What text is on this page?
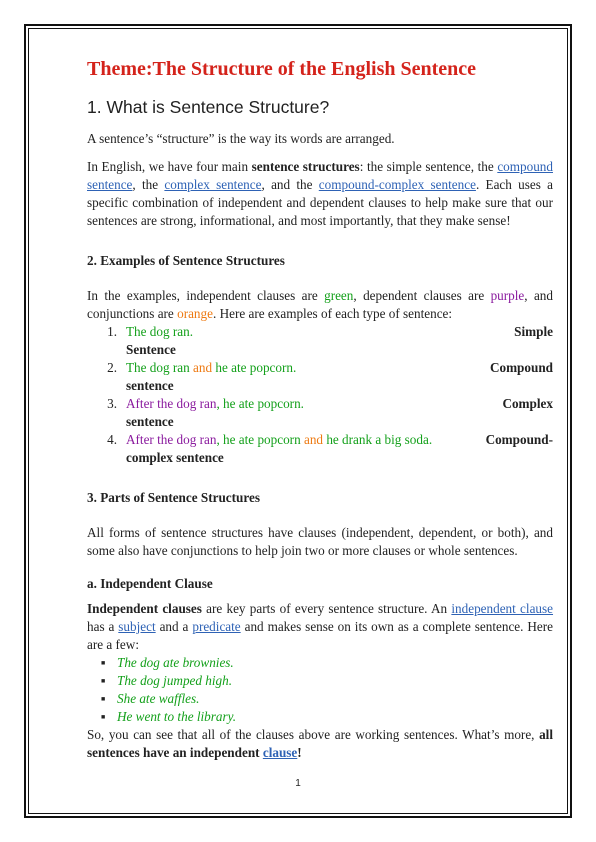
Theme:The Structure of the English Sentence
1. What is Sentence Structure?

A sentence’s “structure” is the way its words are arranged.

In English, we have four main sentence structures: the simple sentence, the compound sentence, the complex sentence, and the compound-complex sentence. Each uses a specific combination of independent and dependent clauses to help make sure that our sentences are strong, informational, and most importantly, that they make sense!

2. Examples of Sentence Structures

In the examples, independent clauses are green, dependent clauses are purple, and conjunctions are orange. Here are examples of each type of sentence:

1. The dog ran.	Simple
Sentence
2. The dog ran and he ate popcorn.	Compound
sentence
3. After the dog ran, he ate popcorn.	Complex
sentence
4. After the dog ran, he ate popcorn and he drank a big soda.	Compound-
complex sentence
3. Parts of Sentence Structures

All forms of sentence structures have clauses (independent, dependent, or both), and some also have conjunctions to help join two or more clauses or whole sentences.

a. Independent Clause

Independent clauses are key parts of every sentence structure. An independent clause has a subject and a predicate and makes sense on its own as a complete sentence. Here are a few:

■ The dog ate brownies.
■ The dog jumped high.
■ She ate waffles.
■ He went to the library.

So, you can see that all of the clauses above are working sentences. What’s more, all sentences have an independent clause!

1
